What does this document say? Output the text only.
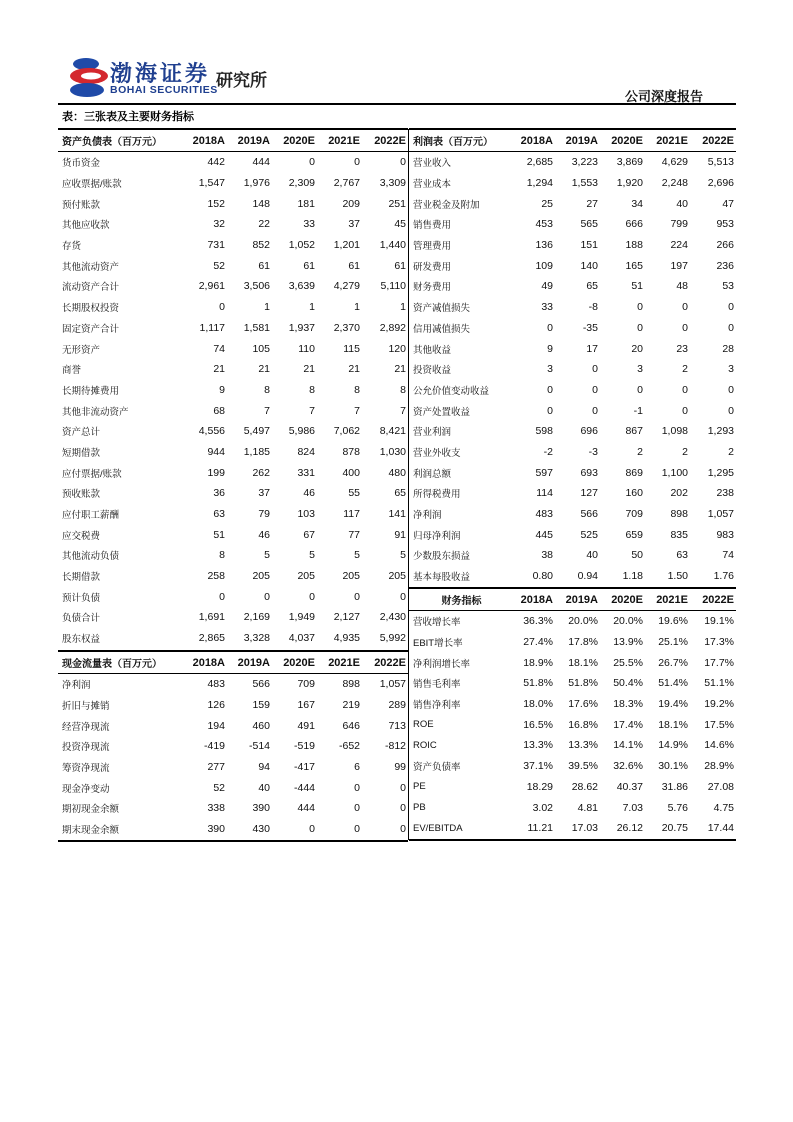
渤海证券
BOHAI SECURITIES
研究所
公司深度报告
表：三张表及主要财务指标
资产负债表（百万元）	2018A	2019A	2020E	2021E	2022E
货币资金	442	444	0	0	0
应收票据/账款	1,547	1,976	2,309	2,767	3,309
预付账款	152	148	181	209	251
其他应收款	32	22	33	37	45
存货	731	852	1,052	1,201	1,440
其他流动资产	52	61	61	61	61
流动资产合计	2,961	3,506	3,639	4,279	5,110
长期股权投资	0	1	1	1	1
固定资产合计	1,117	1,581	1,937	2,370	2,892
无形资产	74	105	110	115	120
商誉	21	21	21	21	21
长期待摊费用	9	8	8	8	8
其他非流动资产	68	7	7	7	7
资产总计	4,556	5,497	5,986	7,062	8,421
短期借款	944	1,185	824	878	1,030
应付票据/账款	199	262	331	400	480
预收账款	36	37	46	55	65
应付职工薪酬	63	79	103	117	141
应交税费	51	46	67	77	91
其他流动负债	8	5	5	5	5
长期借款	258	205	205	205	205
预计负债	0	0	0	0	0
负债合计	1,691	2,169	1,949	2,127	2,430
股东权益	2,865	3,328	4,037	4,935	5,992
现金流量表（百万元）	2018A	2019A	2020E	2021E	2022E
净利润	483	566	709	898	1,057
折旧与摊销	126	159	167	219	289
经营净现流	194	460	491	646	713
投资净现流	-419	-514	-519	-652	-812
筹资净现流	277	94	-417	6	99
现金净变动	52	40	-444	0	0
期初现金余额	338	390	444	0	0
期末现金余额	390	430	0	0	0
利润表（百万元）	2018A	2019A	2020E	2021E	2022E
营业收入	2,685	3,223	3,869	4,629	5,513
营业成本	1,294	1,553	1,920	2,248	2,696
营业税金及附加	25	27	34	40	47
销售费用	453	565	666	799	953
管理费用	136	151	188	224	266
研发费用	109	140	165	197	236
财务费用	49	65	51	48	53
资产减值损失	33	-8	0	0	0
信用减值损失	0	-35	0	0	0
其他收益	9	17	20	23	28
投资收益	3	0	3	2	3
公允价值变动收益	0	0	0	0	0
资产处置收益	0	0	-1	0	0
营业利润	598	696	867	1,098	1,293
营业外收支	-2	-3	2	2	2
利润总额	597	693	869	1,100	1,295
所得税费用	114	127	160	202	238
净利润	483	566	709	898	1,057
归母净利润	445	525	659	835	983
少数股东损益	38	40	50	63	74
基本每股收益	0.80	0.94	1.18	1.50	1.76
财务指标	2018A	2019A	2020E	2021E	2022E
营收增长率	36.3%	20.0%	20.0%	19.6%	19.1%
EBIT增长率	27.4%	17.8%	13.9%	25.1%	17.3%
净利润增长率	18.9%	18.1%	25.5%	26.7%	17.7%
销售毛利率	51.8%	51.8%	50.4%	51.4%	51.1%
销售净利率	18.0%	17.6%	18.3%	19.4%	19.2%
ROE	16.5%	16.8%	17.4%	18.1%	17.5%
ROIC	13.3%	13.3%	14.1%	14.9%	14.6%
资产负债率	37.1%	39.5%	32.6%	30.1%	28.9%
PE	18.29	28.62	40.37	31.86	27.08
PB	3.02	4.81	7.03	5.76	4.75
EV/EBITDA	11.21	17.03	26.12	20.75	17.44
